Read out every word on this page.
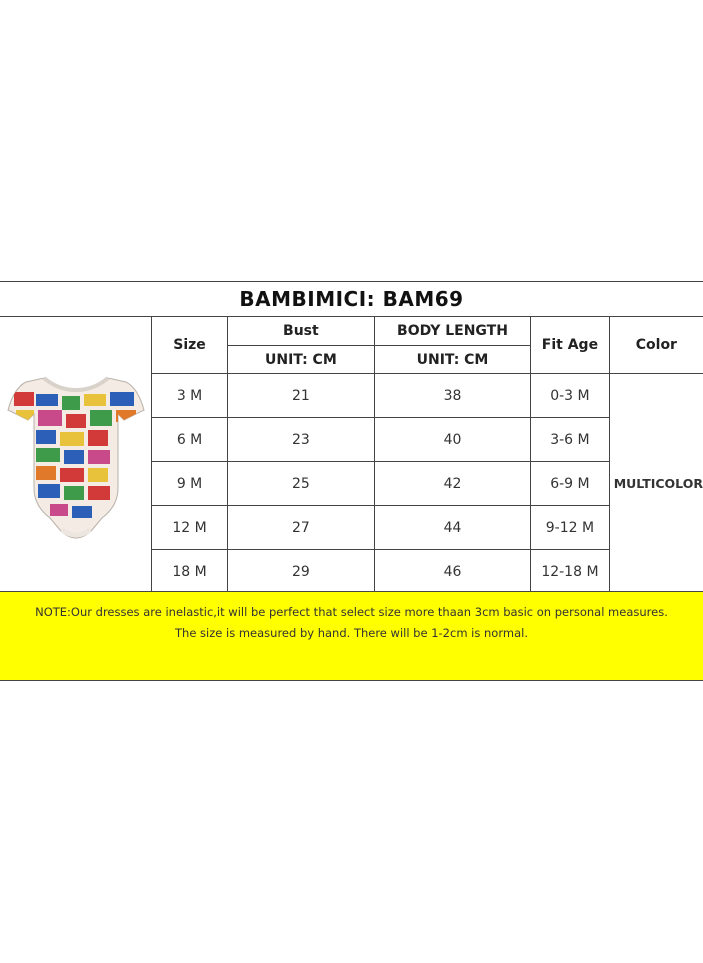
BAMBIMICI: BAM69
	Size	Bust	BODY LENGTH	Fit Age	Color
		UNIT: CM	UNIT: CM		
	3 M	21	38	0-3 M	MULTICOLOR
	6 M	23	40	3-6 M	
	9 M	25	42	6-9 M	
	12 M	27	44	9-12 M	
	18 M	29	46	12-18 M	
NOTE:Our dresses are inelastic,it will be perfect that select size more thaan 3cm basic on personal measures.
The size is measured by hand. There will be 1-2cm is normal.
